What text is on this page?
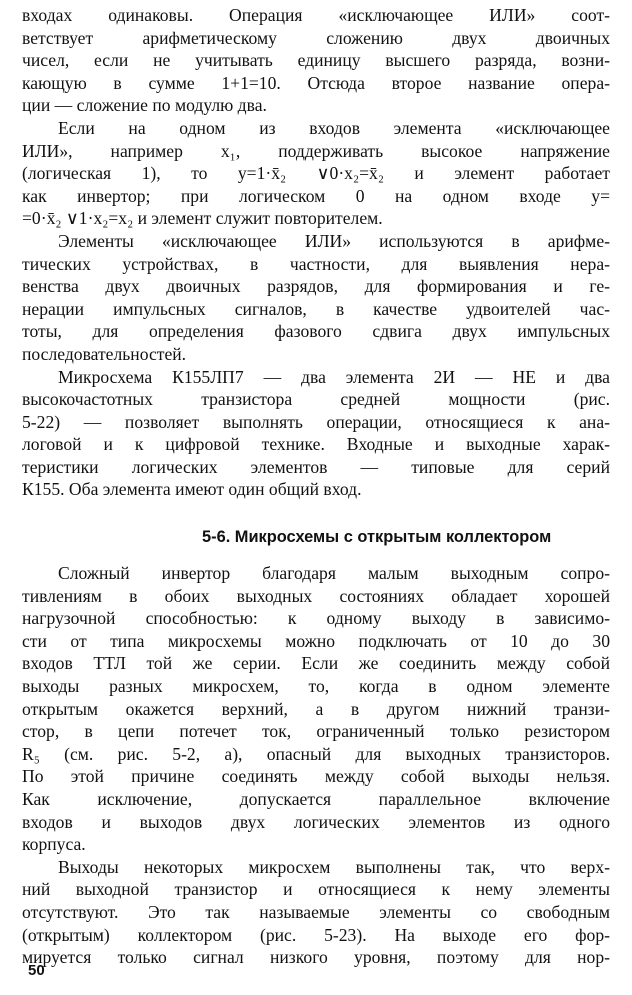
входах одинаковы. Операция «исключающее ИЛИ» соот-

ветствует арифметическому сложению двух двоичных

чисел, если не учитывать единицу высшего разряда, возни-

кающую в сумме 1+1=10. Отсюда второе название опера-

ции — сложение по модулю два.

Если на одном из входов элемента «исключающее

ИЛИ», например x₁, поддерживать высокое напряжение

(логическая 1), то y=1·x̄₂ ∨0·x₂=x̄₂ и элемент работает

как инвертор; при логическом 0 на одном входе y=

=0·x̄₂ ∨1·x₂=x₂ и элемент служит повторителем.

Элементы «исключающее ИЛИ» используются в арифме-

тических устройствах, в частности, для выявления нера-

венства двух двоичных разрядов, для формирования и ге-

нерации импульсных сигналов, в качестве удвоителей час-

тоты, для определения фазового сдвига двух импульсных

последовательностей.

Микросхема К155ЛП7 — два элемента 2И — НЕ и два

высокочастотных транзистора средней мощности (рис.

5-22) — позволяет выполнять операции, относящиеся к ана-

логовой и к цифровой технике. Входные и выходные харак-

теристики логических элементов — типовые для серий

К155. Оба элемента имеют один общий вход.

5-6. Микросхемы с открытым коллектором

Сложный инвертор благодаря малым выходным сопро-

тивлениям в обоих выходных состояниях обладает хорошей

нагрузочной способностью: к одному выходу в зависимо-

сти от типа микросхемы можно подключать от 10 до 30

входов ТТЛ той же серии. Если же соединить между собой

выходы разных микросхем, то, когда в одном элементе

открытым окажется верхний, а в другом нижний транзи-

стор, в цепи потечет ток, ограниченный только резистором

R₅ (см. рис. 5-2, а), опасный для выходных транзисторов.

По этой причине соединять между собой выходы нельзя.

Как исключение, допускается параллельное включение

входов и выходов двух логических элементов из одного

корпуса.

Выходы некоторых микросхем выполнены так, что верх-

ний выходной транзистор и относящиеся к нему элементы

отсутствуют. Это так называемые элементы со свободным

(открытым) коллектором (рис. 5-23). На выходе его фор-

мируется только сигнал низкого уровня, поэтому для нор-

50
